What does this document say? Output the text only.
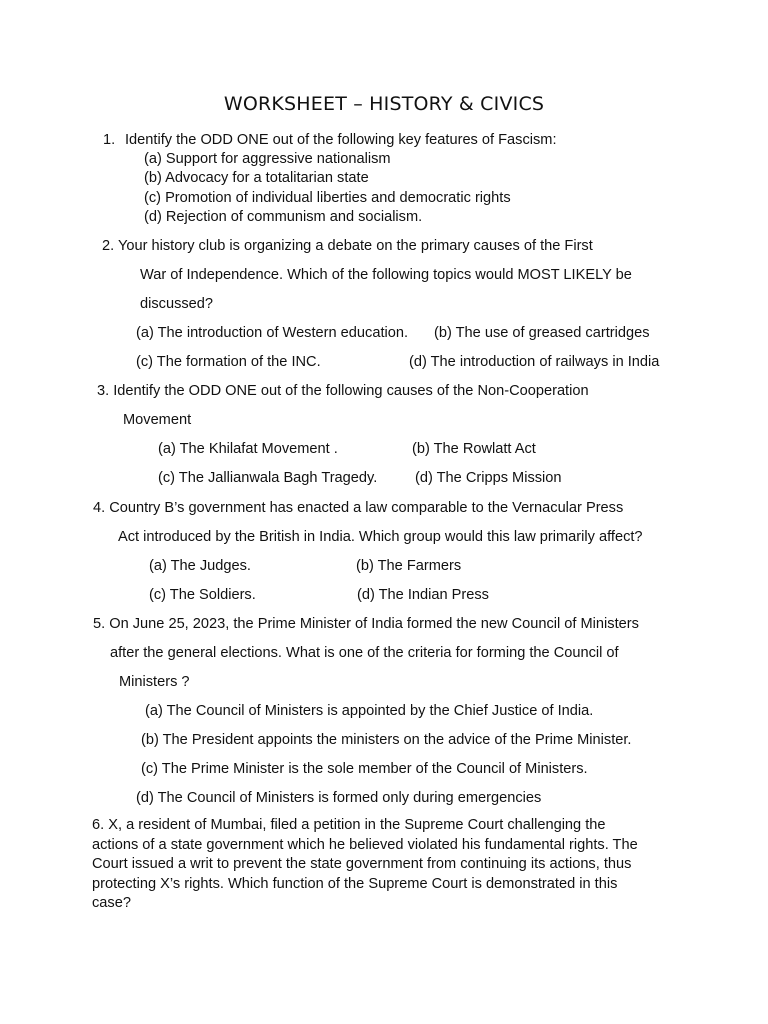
WORKSHEET – HISTORY & CIVICS
1. Identify the ODD ONE out of the following key features of Fascism:
(a) Support for aggressive nationalism
(b) Advocacy for a totalitarian state
(c) Promotion of individual liberties and democratic rights
(d) Rejection of communism and socialism.
2. Your history club is organizing a debate on the primary causes of the First
War of Independence. Which of the following topics would MOST LIKELY be
discussed?
(a) The introduction of Western education. (b) The use of greased cartridges
(c) The formation of the INC.	(d) The introduction of railways in India
3. Identify the ODD ONE out of the following causes of the Non-Cooperation
Movement
(a) The Khilafat Movement .	(b) The Rowlatt Act
(c) The Jallianwala Bagh Tragedy.	(d) The Cripps Mission
4. Country B’s government has enacted a law comparable to the Vernacular Press
Act introduced by the British in India. Which group would this law primarily affect?
(a) The Judges.	(b) The Farmers
(c) The Soldiers.	(d) The Indian Press
5. On June 25, 2023, the Prime Minister of India formed the new Council of Ministers
after the general elections. What is one of the criteria for forming the Council of
Ministers ?
(a) The Council of Ministers is appointed by the Chief Justice of India.
(b) The President appoints the ministers on the advice of the Prime Minister.
(c) The Prime Minister is the sole member of the Council of Ministers.
(d) The Council of Ministers is formed only during emergencies
6. X, a resident of Mumbai, filed a petition in the Supreme Court challenging the actions of a state government which he believed violated his fundamental rights. The Court issued a writ to prevent the state government from continuing its actions, thus protecting X’s rights. Which function of the Supreme Court is demonstrated in this case?
